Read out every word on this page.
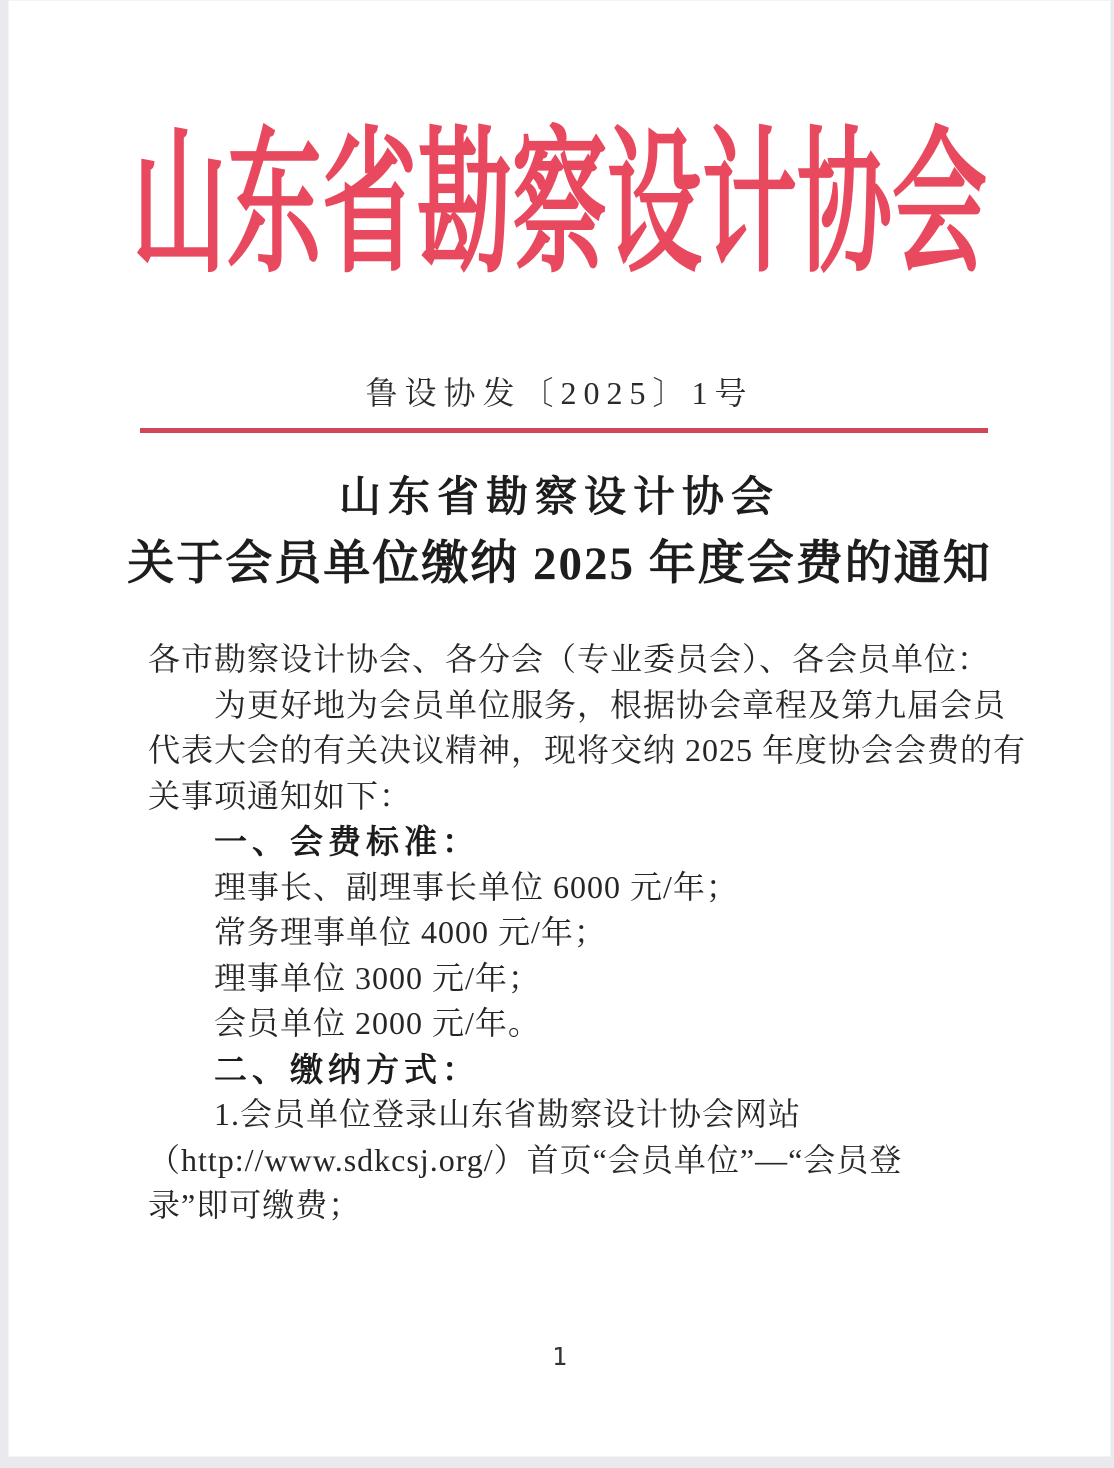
山东省勘察设计协会
鲁设协发〔2025〕1号
山东省勘察设计协会
关于会员单位缴纳 2025 年度会费的通知
各市勘察设计协会、各分会（专业委员会）、各会员单位：
为更好地为会员单位服务，根据协会章程及第九届会员
代表大会的有关决议精神，现将交纳 2025 年度协会会费的有
关事项通知如下：
一、会费标准：
理事长、副理事长单位 6000 元/年；
常务理事单位 4000 元/年；
理事单位 3000 元/年；
会员单位 2000 元/年。
二、缴纳方式：
1.会员单位登录山东省勘察设计协会网站
（http://www.sdkcsj.org/）首页“会员单位”—“会员登
录”即可缴费；
1
